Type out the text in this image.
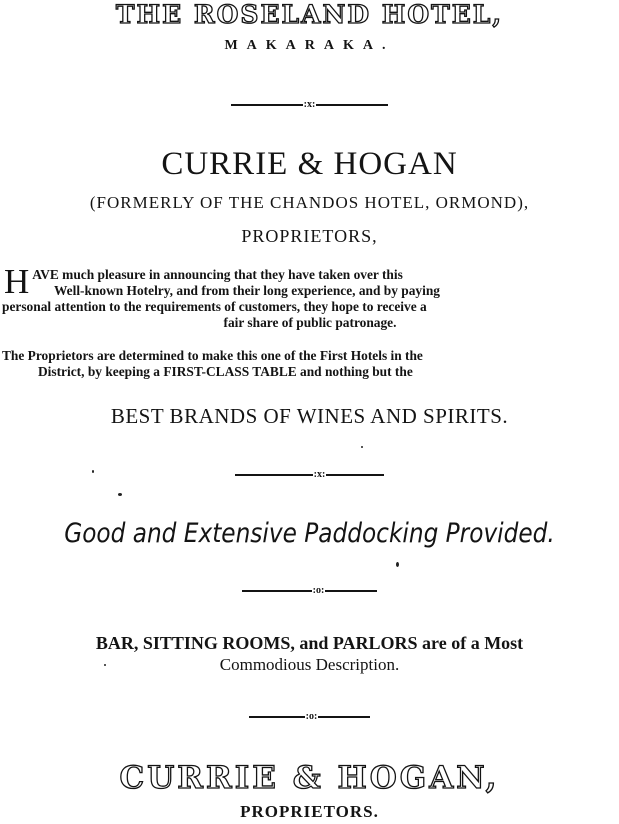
THE ROSELAND HOTEL,
MAKARAKA.
:x:
CURRIE & HOGAN
(FORMERLY OF THE CHANDOS HOTEL, ORMOND),
PROPRIETORS,
H AVE much pleasure in announcing that they have taken over this
Well-known Hotelry, and from their long experience, and by paying
personal attention to the requirements of customers, they hope to receive a
fair share of public patronage.
The Proprietors are determined to make this one of the First Hotels in the
District, by keeping a FIRST-CLASS TABLE and nothing but the
BEST BRANDS OF WINES AND SPIRITS.
:x:
Good and Extensive Paddocking Provided.
:o:
BAR, SITTING ROOMS, and PARLORS are of a Most
Commodious Description.
:o:
CURRIE & HOGAN,
PROPRIETORS.
